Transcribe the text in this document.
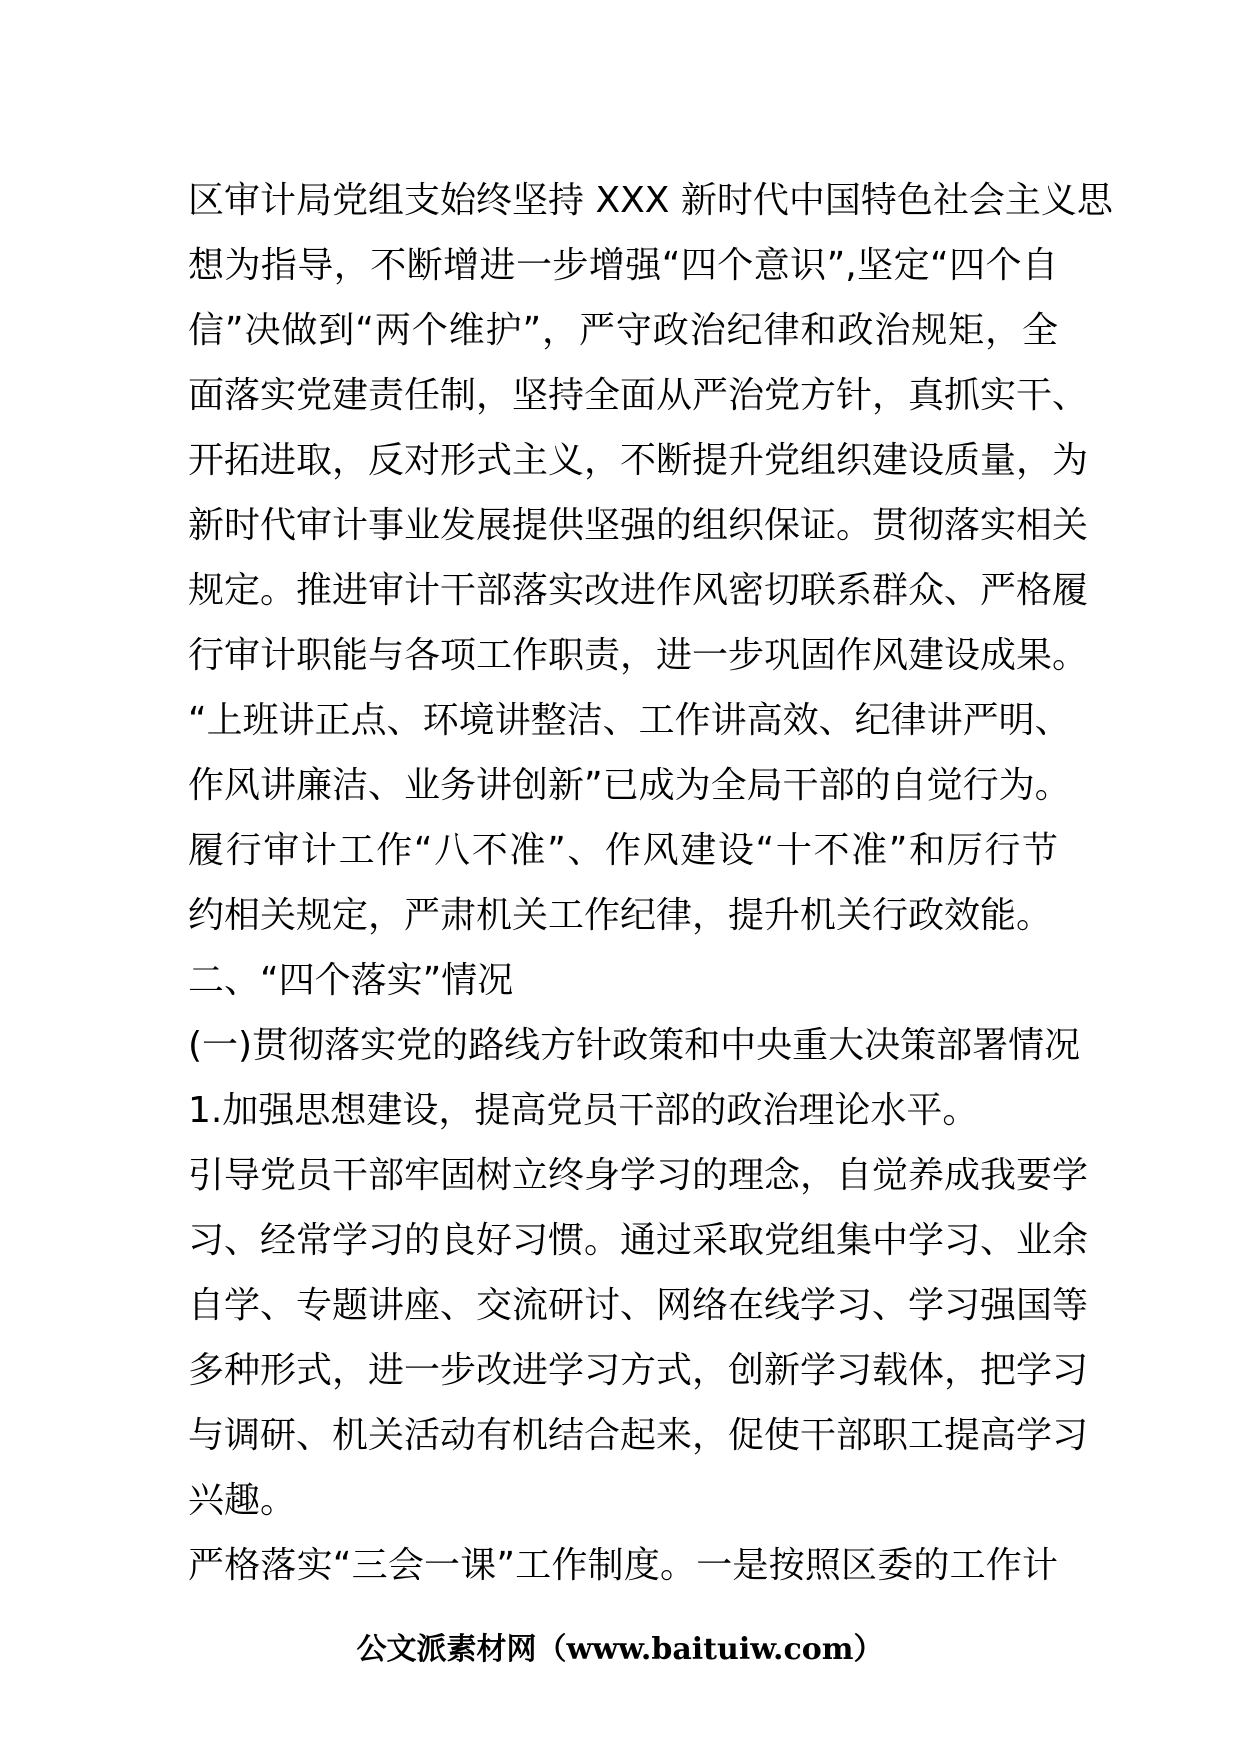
区审计局党组支始终坚持 XXX 新时代中国特色社会主义思
想为指导，不断增进一步增强“四个意识”,坚定“四个自
信”决做到“两个维护”，严守政治纪律和政治规矩，全
面落实党建责任制，坚持全面从严治党方针，真抓实干、
开拓进取，反对形式主义，不断提升党组织建设质量，为
新时代审计事业发展提供坚强的组织保证。贯彻落实相关
规定。推进审计干部落实改进作风密切联系群众、严格履
行审计职能与各项工作职责，进一步巩固作风建设成果。
“上班讲正点、环境讲整洁、工作讲高效、纪律讲严明、
作风讲廉洁、业务讲创新”已成为全局干部的自觉行为。
履行审计工作“八不准”、作风建设“十不准”和厉行节
约相关规定，严肃机关工作纪律，提升机关行政效能。
二、“四个落实”情况
(一)贯彻落实党的路线方针政策和中央重大决策部署情况
1.加强思想建设，提高党员干部的政治理论水平。
引导党员干部牢固树立终身学习的理念，自觉养成我要学
习、经常学习的良好习惯。通过采取党组集中学习、业余
自学、专题讲座、交流研讨、网络在线学习、学习强国等
多种形式，进一步改进学习方式，创新学习载体，把学习
与调研、机关活动有机结合起来，促使干部职工提高学习
兴趣。
严格落实“三会一课”工作制度。一是按照区委的工作计
公文派素材网（www.baituiw.com）
